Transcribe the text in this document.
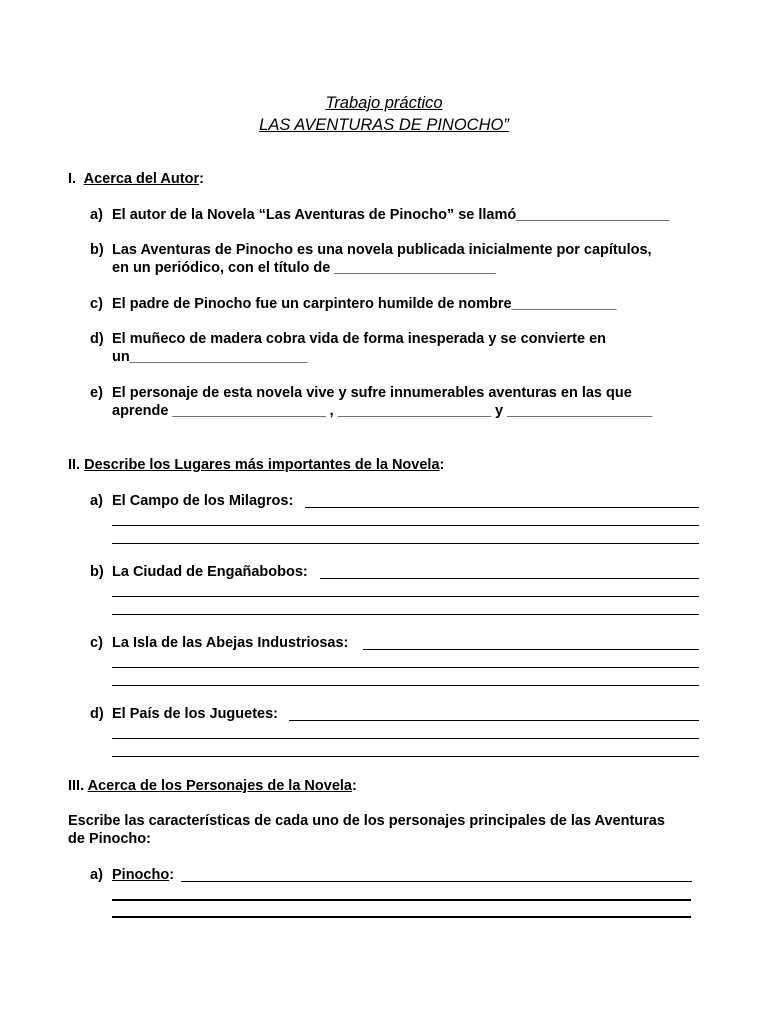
Trabajo práctico
LAS AVENTURAS DE PINOCHO”
I. Acerca del Autor:
a) El autor de la Novela “Las Aventuras de Pinocho” se llamó___________________
b) Las Aventuras de Pinocho es una novela publicada inicialmente por capítulos,
en un periódico, con el título de ____________________
c) El padre de Pinocho fue un carpintero humilde de nombre_____________
d) El muñeco de madera cobra vida de forma inesperada y se convierte en
un______________________
e) El personaje de esta novela vive y sufre innumerables aventuras en las que
aprende ___________________ , ___________________ y __________________
II. Describe los Lugares más importantes de la Novela:
a) El Campo de los Milagros:
b) La Ciudad de Engañabobos:
c) La Isla de las Abejas Industriosas:
d) El País de los Juguetes:
III. Acerca de los Personajes de la Novela:
Escribe las características de cada uno de los personajes principales de las Aventuras
de Pinocho:
a) Pinocho:
